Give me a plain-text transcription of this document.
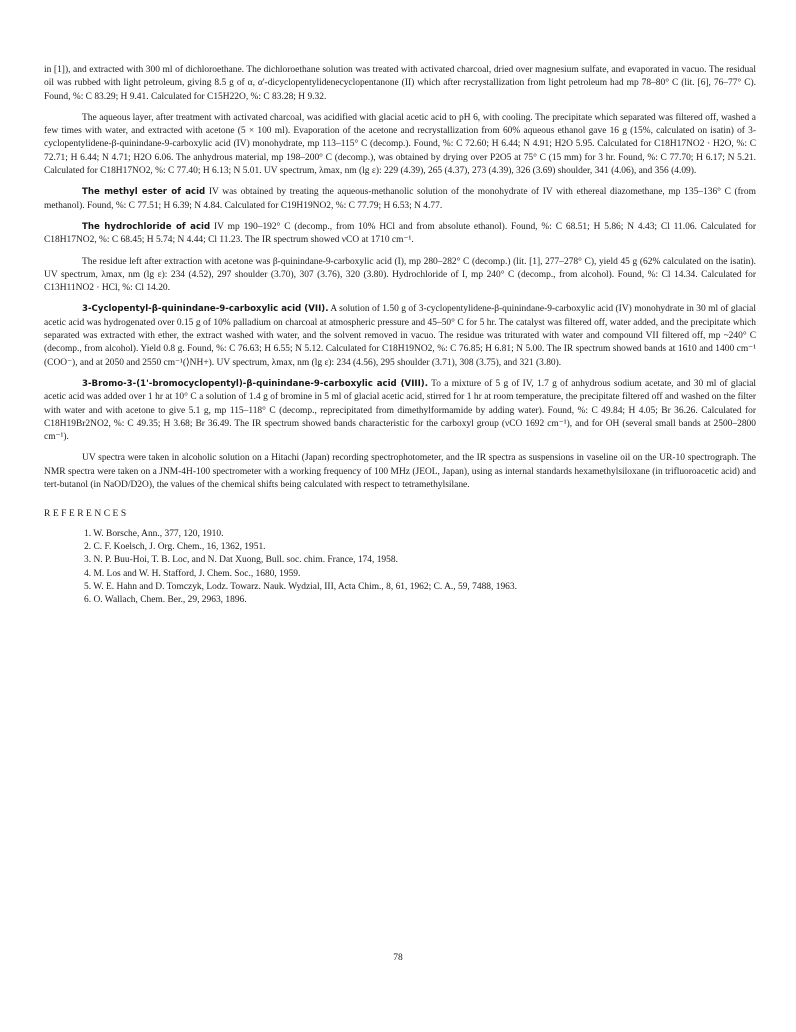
in [1]), and extracted with 300 ml of dichloroethane. The dichloroethane solution was treated with activated charcoal, dried over magnesium sulfate, and evaporated in vacuo. The residual oil was rubbed with light petroleum, giving 8.5 g of α, α'-dicyclopentylidenecyclopentanone (II) which after recrystallization from light petroleum had mp 78–80° C (lit. [6], 76–77° C). Found, %: C 83.29; H 9.41. Calculated for C15H22O, %: C 83.28; H 9.32.

The aqueous layer, after treatment with activated charcoal, was acidified with glacial acetic acid to pH 6, with cooling. The precipitate which separated was filtered off, washed a few times with water, and extracted with acetone (5 × 100 ml). Evaporation of the acetone and recrystallization from 60% aqueous ethanol gave 16 g (15%, calculated on isatin) of 3-cyclopentylidene-β-quinindane-9-carboxylic acid (IV) monohydrate, mp 113–115° C (decomp.). Found, %: C 72.60; H 6.44; N 4.91; H2O 5.95. Calculated for C18H17NO2 · H2O, %: C 72.71; H 6.44; N 4.71; H2O 6.06. The anhydrous material, mp 198–200° C (decomp.), was obtained by drying over P2O5 at 75° C (15 mm) for 3 hr. Found, %: C 77.70; H 6.17; N 5.21. Calculated for C18H17NO2, %: C 77.40; H 6.13; N 5.01. UV spectrum, λmax, nm (lg ε): 229 (4.39), 265 (4.37), 273 (4.39), 326 (3.69) shoulder, 341 (4.06), and 356 (4.09).

The methyl ester of acid IV was obtained by treating the aqueous-methanolic solution of the monohydrate of IV with ethereal diazomethane, mp 135–136° C (from methanol). Found, %: C 77.51; H 6.39; N 4.84. Calculated for C19H19NO2, %: C 77.79; H 6.53; N 4.77.

The hydrochloride of acid IV mp 190–192° C (decomp., from 10% HCl and from absolute ethanol). Found, %: C 68.51; H 5.86; N 4.43; Cl 11.06. Calculated for C18H17NO2, %: C 68.45; H 5.74; N 4.44; Cl 11.23. The IR spectrum showed νCO at 1710 cm⁻¹.

The residue left after extraction with acetone was β-quinindane-9-carboxylic acid (I), mp 280–282° C (decomp.) (lit. [1], 277–278° C), yield 45 g (62% calculated on the isatin). UV spectrum, λmax, nm (lg ε): 234 (4.52), 297 shoulder (3.70), 307 (3.76), 320 (3.80). Hydrochloride of I, mp 240° C (decomp., from alcohol). Found, %: Cl 14.34. Calculated for C13H11NO2 · HCl, %: Cl 14.20.

3-Cyclopentyl-β-quinindane-9-carboxylic acid (VII). A solution of 1.50 g of 3-cyclopentylidene-β-quinindane-9-carboxylic acid (IV) monohydrate in 30 ml of glacial acetic acid was hydrogenated over 0.15 g of 10% palladium on charcoal at atmospheric pressure and 45–50° C for 5 hr. The catalyst was filtered off, water added, and the precipitate which separated was extracted with ether, the extract washed with water, and the solvent removed in vacuo. The residue was triturated with water and compound VII filtered off, mp ~240° C (decomp., from alcohol). Yield 0.8 g. Found, %: C 76.63; H 6.55; N 5.12. Calculated for C18H19NO2, %: C 76.85; H 6.81; N 5.00. The IR spectrum showed bands at 1610 and 1400 cm⁻¹ (COO⁻), and at 2050 and 2550 cm⁻¹(⟩NH+). UV spectrum, λmax, nm (lg ε): 234 (4.56), 295 shoulder (3.71), 308 (3.75), and 321 (3.80).

3-Bromo-3-(1'-bromocyclopentyl)-β-quinindane-9-carboxylic acid (VIII). To a mixture of 5 g of IV, 1.7 g of anhydrous sodium acetate, and 30 ml of glacial acetic acid was added over 1 hr at 10° C a solution of 1.4 g of bromine in 5 ml of glacial acetic acid, stirred for 1 hr at room temperature, the precipitate filtered off and washed on the filter with water and with acetone to give 5.1 g, mp 115–118° C (decomp., reprecipitated from dimethylformamide by adding water). Found, %: C 49.84; H 4.05; Br 36.26. Calculated for C18H19Br2NO2, %: C 49.35; H 3.68; Br 36.49. The IR spectrum showed bands characteristic for the carboxyl group (νCO 1692 cm⁻¹), and for OH (several small bands at 2500–2800 cm⁻¹).

UV spectra were taken in alcoholic solution on a Hitachi (Japan) recording spectrophotometer, and the IR spectra as suspensions in vaseline oil on the UR-10 spectrograph. The NMR spectra were taken on a JNM-4H-100 spectrometer with a working frequency of 100 MHz (JEOL, Japan), using as internal standards hexamethylsiloxane (in trifluoroacetic acid) and tert-butanol (in NaOD/D2O), the values of the chemical shifts being calculated with respect to tetramethylsilane.

REFERENCES

1. W. Borsche, Ann., 377, 120, 1910.
2. C. F. Koelsch, J. Org. Chem., 16, 1362, 1951.
3. N. P. Buu-Hoi, T. B. Loc, and N. Dat Xuong, Bull. soc. chim. France, 174, 1958.
4. M. Los and W. H. Stafford, J. Chem. Soc., 1680, 1959.
5. W. E. Hahn and D. Tomczyk, Lodz. Towarz. Nauk. Wydzial, III, Acta Chim., 8, 61, 1962; C. A., 59, 7488, 1963.
6. O. Wallach, Chem. Ber., 29, 2963, 1896.
78
